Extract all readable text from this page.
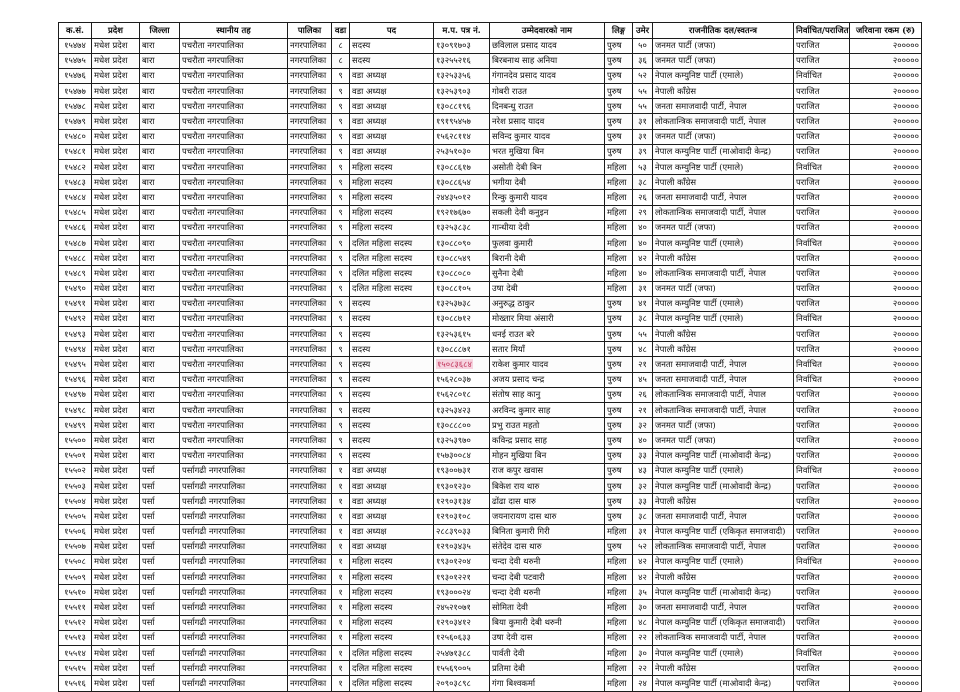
क.सं.	प्रदेश	जिल्ला	स्थानीय तह	पालिका	वडा	पद	म.प. पत्र नं.	उम्मेदवारको नाम	लिङ्ग	उमेर	राजनीतिक दल/स्वतन्त्र	निर्वाचित/पराजित	जरिवाना रकम (रु)
१५४७४	मधेश प्रदेश	बारा	पचरौता नगरपालिका	नगरपालिका	८	सदस्य	१३०९१७०३	छविलाल प्रसाद यादव	पुरुष	५०	जनमत पार्टी (जफा)	पराजित	२०००००
१५४७५	मधेश प्रदेश	बारा	पचरौता नगरपालिका	नगरपालिका	८	सदस्य	१३२५५२१६	बिरबनाथ साह अनिया	पुरुष	३६	जनमत पार्टी (जफा)	पराजित	२०००००
१५४७६	मधेश प्रदेश	बारा	पचरौता नगरपालिका	नगरपालिका	९	वडा अध्यक्ष	१३२५३३५६	गंगानदेव प्रसाद यादव	पुरुष	५२	नेपाल कम्युनिष्ट पार्टी (एमाले)	निर्वाचित	२०००००
१५४७७	मधेश प्रदेश	बारा	पचरौता नगरपालिका	नगरपालिका	९	वडा अध्यक्ष	१३२५३९०३	गोबरी राउत	पुरुष	५५	नेपाली काँग्रेस	पराजित	२०००००
१५४७८	मधेश प्रदेश	बारा	पचरौता नगरपालिका	नगरपालिका	९	वडा अध्यक्ष	१३०८८१९६	दिनबन्धु राउत	पुरुष	५५	जनता समाजवादी पार्टी, नेपाल	पराजित	२०००००
१५४७९	मधेश प्रदेश	बारा	पचरौता नगरपालिका	नगरपालिका	९	वडा अध्यक्ष	१९१९५४५७	नरेश प्रसाद यादव	पुरुष	३१	लोकतान्त्रिक समाजवादी पार्टी, नेपाल	पराजित	२०००००
१५४८०	मधेश प्रदेश	बारा	पचरौता नगरपालिका	नगरपालिका	९	वडा अध्यक्ष	१५६२८११४	सविन्द कुमार यादव	पुरुष	३१	जनमत पार्टी (जफा)	पराजित	२०००००
१५४८१	मधेश प्रदेश	बारा	पचरौता नगरपालिका	नगरपालिका	९	वडा अध्यक्ष	२५३५१०३०	भरत मुखिया बिन	पुरुष	३९	नेपाल कम्युनिष्ट पार्टी (माओवादी केन्द्र)	पराजित	२०००००
१५४८२	मधेश प्रदेश	बारा	पचरौता नगरपालिका	नगरपालिका	९	महिला सदस्य	१३०८८६१७	असोती देबी बिन	महिला	५३	नेपाल कम्युनिष्ट पार्टी (एमाले)	निर्वाचित	२०००००
१५४८३	मधेश प्रदेश	बारा	पचरौता नगरपालिका	नगरपालिका	९	महिला सदस्य	१३०८८६५४	भगीया देबी	महिला	३८	नेपाली काँग्रेस	पराजित	२०००००
१५४८४	मधेश प्रदेश	बारा	पचरौता नगरपालिका	नगरपालिका	९	महिला सदस्य	२४४३५०१२	रिन्कु कुमारी यादव	महिला	२६	जनता समाजवादी पार्टी, नेपाल	पराजित	२०००००
१५४८५	मधेश प्रदेश	बारा	पचरौता नगरपालिका	नगरपालिका	९	महिला सदस्य	१९२१७६७०	सकली देवी कनुइन	महिला	२९	लोकतान्त्रिक समाजवादी पार्टी, नेपाल	पराजित	२०००००
१५४८६	मधेश प्रदेश	बारा	पचरौता नगरपालिका	नगरपालिका	९	महिला सदस्य	१३२५३८३८	गान्धीया देवी	महिला	४०	जनमत पार्टी (जफा)	पराजित	२०००००
१५४८७	मधेश प्रदेश	बारा	पचरौता नगरपालिका	नगरपालिका	९	दलित महिला सदस्य	१३०८८०९०	फुलवा कुमारी	महिला	४०	नेपाल कम्युनिष्ट पार्टी (एमाले)	निर्वाचित	२०००००
१५४८८	मधेश प्रदेश	बारा	पचरौता नगरपालिका	नगरपालिका	९	दलित महिला सदस्य	१३०८८५४९	बिरानी देबी	महिला	४२	नेपाली काँग्रेस	पराजित	२०००००
१५४८९	मधेश प्रदेश	बारा	पचरौता नगरपालिका	नगरपालिका	९	दलित महिला सदस्य	१३०८८०८०	सुनैना देबी	महिला	४०	लोकतान्त्रिक समाजवादी पार्टी, नेपाल	पराजित	२०००००
१५४९०	मधेश प्रदेश	बारा	पचरौता नगरपालिका	नगरपालिका	९	दलित महिला सदस्य	१३०८८१०५	उषा देबी	महिला	३१	जनमत पार्टी (जफा)	पराजित	२०००००
१५४९१	मधेश प्रदेश	बारा	पचरौता नगरपालिका	नगरपालिका	९	सदस्य	१३२५३७३८	अनुरुद्ध ठाकुर	पुरुष	४१	नेपाल कम्युनिष्ट पार्टी (एमाले)	पराजित	२०००००
१५४९२	मधेश प्रदेश	बारा	पचरौता नगरपालिका	नगरपालिका	९	सदस्य	१३०८८७१२	मोख्तार मिया अंसारी	पुरुष	३८	नेपाल कम्युनिष्ट पार्टी (एमाले)	निर्वाचित	२०००००
१५४९३	मधेश प्रदेश	बारा	पचरौता नगरपालिका	नगरपालिका	९	सदस्य	१३२५३६१५	धनई राउत बरे	पुरुष	५५	नेपाली काँग्रेस	पराजित	२०००००
१५४९४	मधेश प्रदेश	बारा	पचरौता नगरपालिका	नगरपालिका	९	सदस्य	१३०८८८७१	सतार मियाँ	पुरुष	४८	नेपाली काँग्रेस	पराजित	२०००००
१५४९५	मधेश प्रदेश	बारा	पचरौता नगरपालिका	नगरपालिका	९	सदस्य	१५०८३६८४	राकेश कुमार यादव	पुरुष	२१	जनता समाजवादी पार्टी, नेपाल	निर्वाचित	२०००००
१५४९६	मधेश प्रदेश	बारा	पचरौता नगरपालिका	नगरपालिका	९	सदस्य	१५६२८०३७	अजय प्रसाद चन्द्र	पुरुष	४५	जनता समाजवादी पार्टी, नेपाल	निर्वाचित	२०००००
१५४९७	मधेश प्रदेश	बारा	पचरौता नगरपालिका	नगरपालिका	९	सदस्य	१५६२८०१८	संतोष साह कानु	पुरुष	२६	लोकतान्त्रिक समाजवादी पार्टी, नेपाल	पराजित	२०००००
१५४९८	मधेश प्रदेश	बारा	पचरौता नगरपालिका	नगरपालिका	९	सदस्य	१३२५३४२३	अरविन्द कुमार साह	पुरुष	२१	लोकतान्त्रिक समाजवादी पार्टी, नेपाल	पराजित	२०००००
१५४९९	मधेश प्रदेश	बारा	पचरौता नगरपालिका	नगरपालिका	९	सदस्य	१३०८८८००	प्रभु राउत महतो	पुरुष	३२	जनमत पार्टी (जफा)	पराजित	२०००००
१५५००	मधेश प्रदेश	बारा	पचरौता नगरपालिका	नगरपालिका	९	सदस्य	१३२५३९७०	कविन्द्र प्रसाद साह	पुरुष	४०	जनमत पार्टी (जफा)	पराजित	२०००००
१५५०१	मधेश प्रदेश	बारा	पचरौता नगरपालिका	नगरपालिका	९	सदस्य	१५७३००८४	मोहन मुखिया बिन	पुरुष	३३	नेपाल कम्युनिष्ट पार्टी (माओवादी केन्द्र)	पराजित	२०००००
१५५०२	मधेश प्रदेश	पर्सा	पर्सागढी नगरपालिका	नगरपालिका	१	वडा अध्यक्ष	१९३००७३१	राज कपुर खवास	पुरुष	४३	नेपाल कम्युनिष्ट पार्टी (एमाले)	निर्वाचित	२०००००
१५५०३	मधेश प्रदेश	पर्सा	पर्सागढी नगरपालिका	नगरपालिका	१	वडा अध्यक्ष	१९३०१२३०	बिकेश राय थारु	पुरुष	३२	नेपाल कम्युनिष्ट पार्टी (माओवादी केन्द्र)	पराजित	२०००००
१५५०४	मधेश प्रदेश	पर्सा	पर्सागढी नगरपालिका	नगरपालिका	१	वडा अध्यक्ष	१२९०३१३४	ढोंढा दास थारु	पुरुष	३३	नेपाली काँग्रेस	पराजित	२०००००
१५५०५	मधेश प्रदेश	पर्सा	पर्सागढी नगरपालिका	नगरपालिका	१	वडा अध्यक्ष	१२९०३१०८	जयनारायण दास थारु	पुरुष	३८	जनता समाजवादी पार्टी, नेपाल	पराजित	२०००००
१५५०६	मधेश प्रदेश	पर्सा	पर्सागढी नगरपालिका	नगरपालिका	१	वडा अध्यक्ष	२८८३९०३३	बिनिता कुमारी गिरी	महिला	३१	नेपाल कम्युनिष्ट पार्टी (एकिकृत समाजवादी)	पराजित	२०००००
१५५०७	मधेश प्रदेश	पर्सा	पर्सागढी नगरपालिका	नगरपालिका	१	वडा अध्यक्ष	१२९०३४३५	संतेदेव दास थारु	पुरुष	५२	लोकतान्त्रिक समाजवादी पार्टी, नेपाल	पराजित	२०००००
१५५०८	मधेश प्रदेश	पर्सा	पर्सागढी नगरपालिका	नगरपालिका	१	महिला सदस्य	१९३०१२०४	चन्दा देवी थरुनी	महिला	४२	नेपाल कम्युनिष्ट पार्टी (एमाले)	निर्वाचित	२०००००
१५५०९	मधेश प्रदेश	पर्सा	पर्सागढी नगरपालिका	नगरपालिका	१	महिला सदस्य	१९३०१२२१	चन्दा देबी पटवारी	महिला	४२	नेपाली काँग्रेस	पराजित	२०००००
१५५१०	मधेश प्रदेश	पर्सा	पर्सागढी नगरपालिका	नगरपालिका	१	महिला सदस्य	१९३०००२४	चन्दा देवी थरुनी	महिला	३५	नेपाल कम्युनिष्ट पार्टी (माओवादी केन्द्र)	पराजित	२०००००
१५५११	मधेश प्रदेश	पर्सा	पर्सागढी नगरपालिका	नगरपालिका	१	महिला सदस्य	२४५२१०७१	सोमिता देवी	महिला	३०	जनता समाजवादी पार्टी, नेपाल	पराजित	२०००००
१५५१२	मधेश प्रदेश	पर्सा	पर्सागढी नगरपालिका	नगरपालिका	१	महिला सदस्य	१२९०३४१२	बिया कुमारी देबी थरुनी	महिला	४८	नेपाल कम्युनिष्ट पार्टी (एकिकृत समाजवादी)	पराजित	२०००००
१५५१३	मधेश प्रदेश	पर्सा	पर्सागढी नगरपालिका	नगरपालिका	१	महिला सदस्य	१२५६०६३३	उषा देवी दास	महिला	२२	लोकतान्त्रिक समाजवादी पार्टी, नेपाल	पराजित	२०००००
१५५१४	मधेश प्रदेश	पर्सा	पर्सागढी नगरपालिका	नगरपालिका	१	दलित महिला सदस्य	२५४७१३८८	पार्वती देवी	महिला	३०	नेपाल कम्युनिष्ट पार्टी (एमाले)	निर्वाचित	२०००००
१५५१५	मधेश प्रदेश	पर्सा	पर्सागढी नगरपालिका	नगरपालिका	१	दलित महिला सदस्य	१५५६९००५	प्रतिमा देबी	महिला	२२	नेपाली काँग्रेस	पराजित	२०००००
१५५१६	मधेश प्रदेश	पर्सा	पर्सागढी नगरपालिका	नगरपालिका	१	दलित महिला सदस्य	२०९०३८९८	गंगा बिश्वकर्मा	महिला	२४	नेपाल कम्युनिष्ट पार्टी (माओवादी केन्द्र)	पराजित	२०००००
